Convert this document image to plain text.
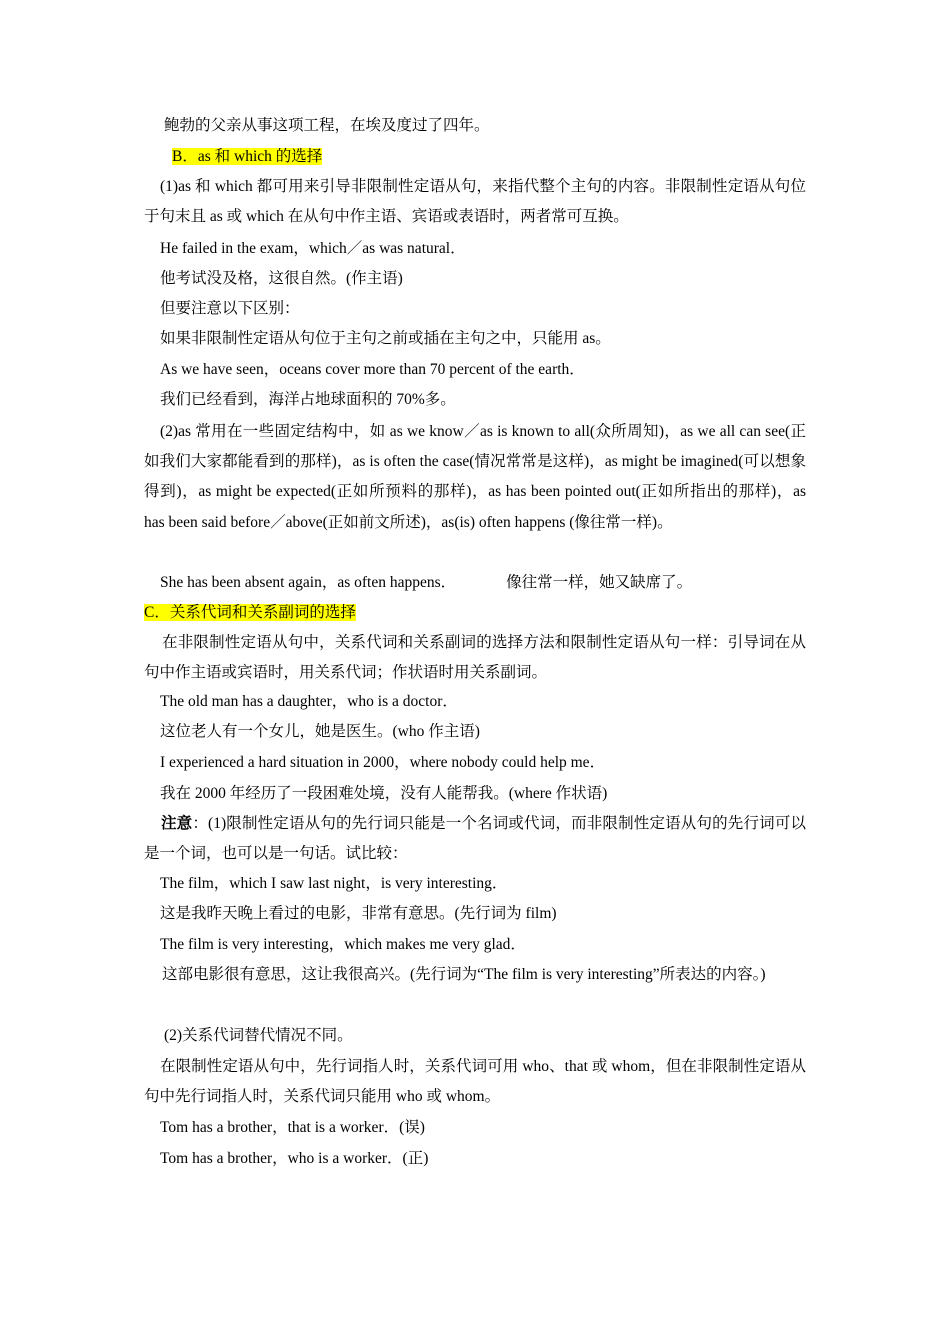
鲍勃的父亲从事这项工程，在埃及度过了四年。
B．as 和 which 的选择
(1)as 和 which 都可用来引导非限制性定语从句，来指代整个主句的内容。非限制性定语从句位于句末且 as 或 which 在从句中作主语、宾语或表语时，两者常可互换。
He failed in the exam，which／as was natural．
他考试没及格，这很自然。(作主语)
但要注意以下区别：
如果非限制性定语从句位于主句之前或插在主句之中，只能用 as。
As we have seen，oceans cover more than 70 percent of the earth．
我们已经看到，海洋占地球面积的 70%多。
(2)as 常用在一些固定结构中，如 as we know／as is known to all(众所周知)，as we all can see(正如我们大家都能看到的那样)，as is often the case(情况常常是这样)，as might be imagined(可以想象得到)，as might be expected(正如所预料的那样)，as has been pointed out(正如所指出的那样)，as has been said before／above(正如前文所述)，as(is) often happens (像往常一样)。
She has been absent again，as often happens．	像往常一样，她又缺席了。
C．关系代词和关系副词的选择
在非限制性定语从句中，关系代词和关系副词的选择方法和限制性定语从句一样：引导词在从句中作主语或宾语时，用关系代词；作状语时用关系副词。
The old man has a daughter，who is a doctor．
这位老人有一个女儿，她是医生。(who 作主语)
I experienced a hard situation in 2000，where nobody could help me．
我在 2000 年经历了一段困难处境，没有人能帮我。(where 作状语)
注意：(1)限制性定语从句的先行词只能是一个名词或代词，而非限制性定语从句的先行词可以是一个词，也可以是一句话。试比较：
The film，which I saw last night，is very interesting．
这是我昨天晚上看过的电影，非常有意思。(先行词为 film)
The film is very interesting，which makes me very glad．
这部电影很有意思，这让我很高兴。(先行词为“The film is very interesting”所表达的内容。)
(2)关系代词替代情况不同。
在限制性定语从句中，先行词指人时，关系代词可用 who、that 或 whom，但在非限制性定语从句中先行词指人时，关系代词只能用 who 或 whom。
Tom has a brother，that is a worker．(误)
Tom has a brother，who is a worker．(正)
